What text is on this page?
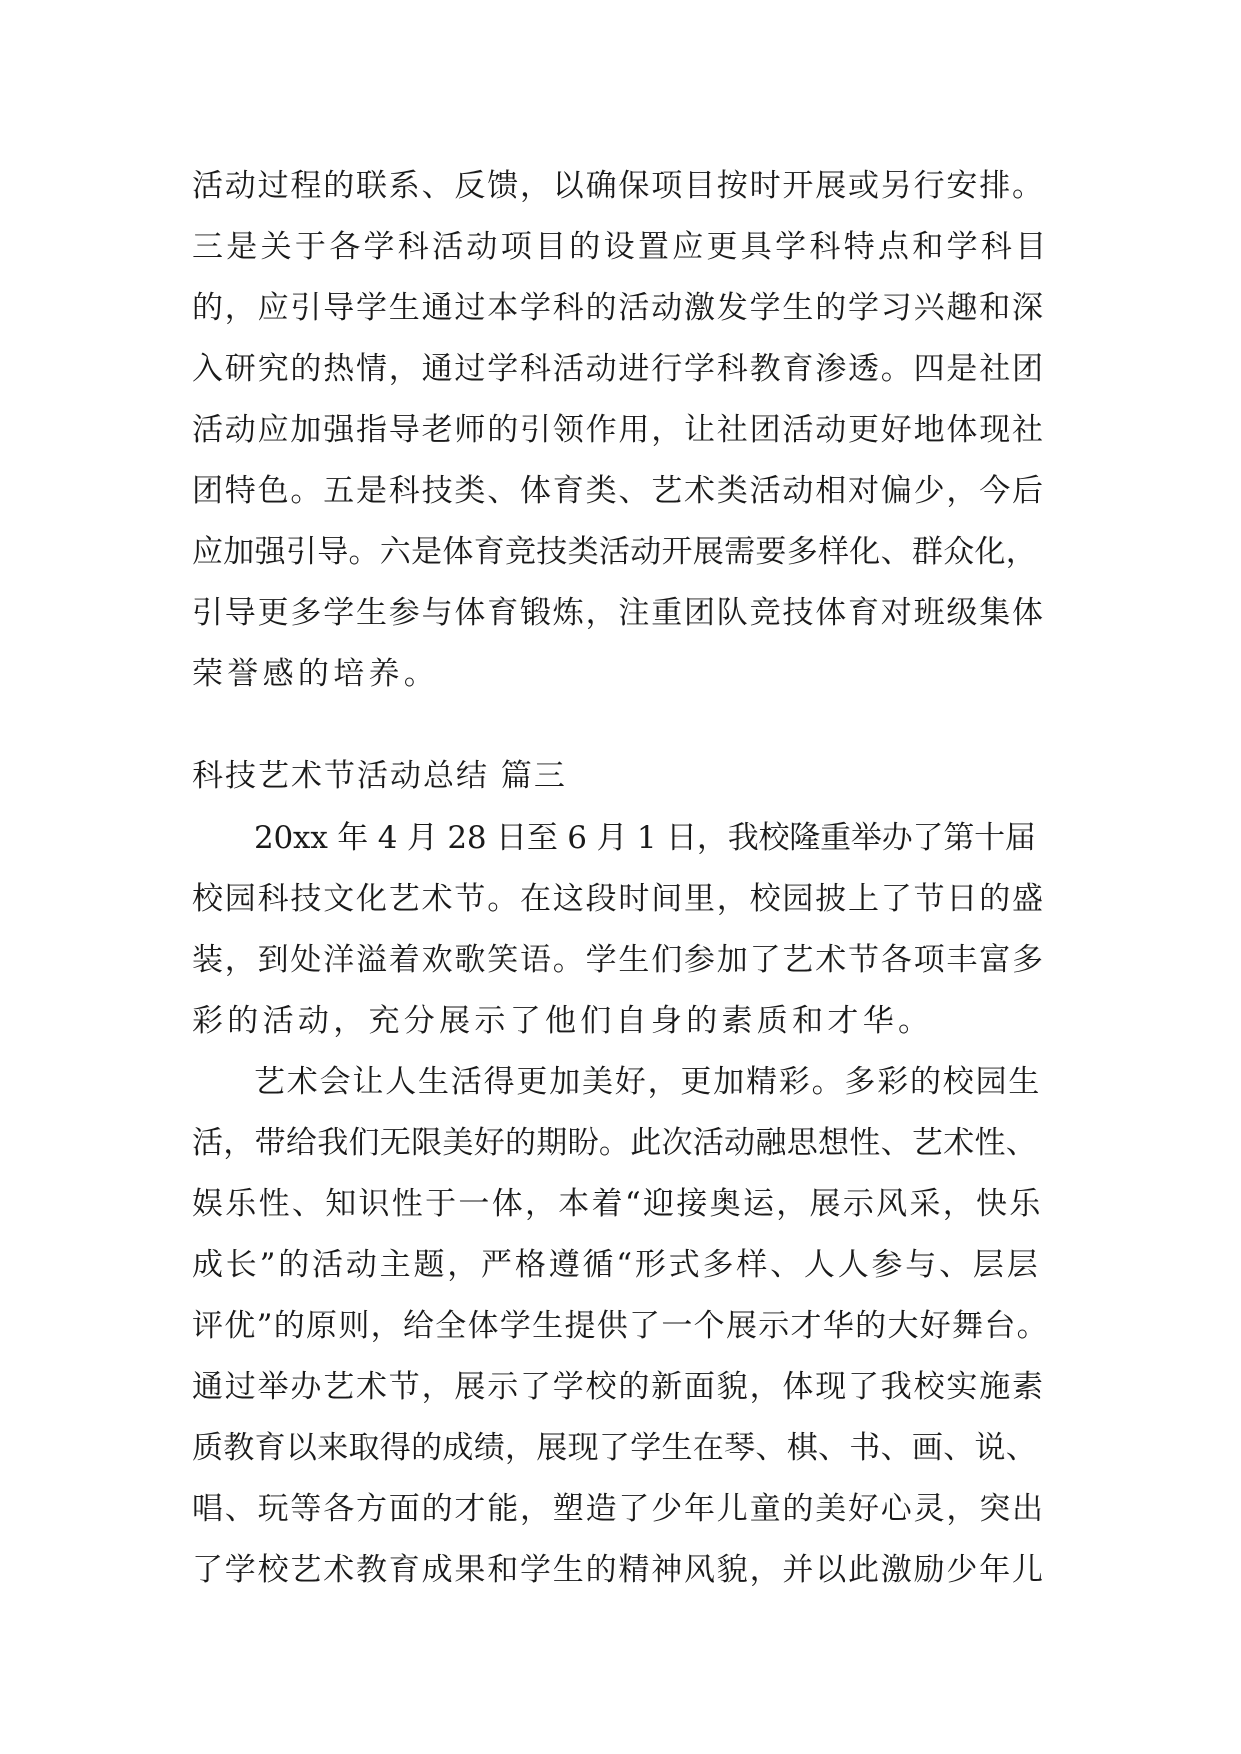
活动过程的联系、反馈，以确保项目按时开展或另行安排。
三是关于各学科活动项目的设置应更具学科特点和学科目
的，应引导学生通过本学科的活动激发学生的学习兴趣和深
入研究的热情，通过学科活动进行学科教育渗透。四是社团
活动应加强指导老师的引领作用，让社团活动更好地体现社
团特色。五是科技类、体育类、艺术类活动相对偏少，今后
应加强引导。六是体育竞技类活动开展需要多样化、群众化，
引导更多学生参与体育锻炼，注重团队竞技体育对班级集体
荣誉感的培养。
科技艺术节活动总结 篇三
20xx 年 4 月 28 日至 6 月 1 日，我校隆重举办了第十届
校园科技文化艺术节。在这段时间里，校园披上了节日的盛
装，到处洋溢着欢歌笑语。学生们参加了艺术节各项丰富多
彩的活动，充分展示了他们自身的素质和才华。
艺术会让人生活得更加美好，更加精彩。多彩的校园生
活，带给我们无限美好的期盼。此次活动融思想性、艺术性、
娱乐性、知识性于一体，本着“迎接奥运，展示风采，快乐
成长”的活动主题，严格遵循“形式多样、人人参与、层层
评优”的原则，给全体学生提供了一个展示才华的大好舞台。
通过举办艺术节，展示了学校的新面貌，体现了我校实施素
质教育以来取得的成绩，展现了学生在琴、棋、书、画、说、
唱、玩等各方面的才能，塑造了少年儿童的美好心灵，突出
了学校艺术教育成果和学生的精神风貌，并以此激励少年儿
